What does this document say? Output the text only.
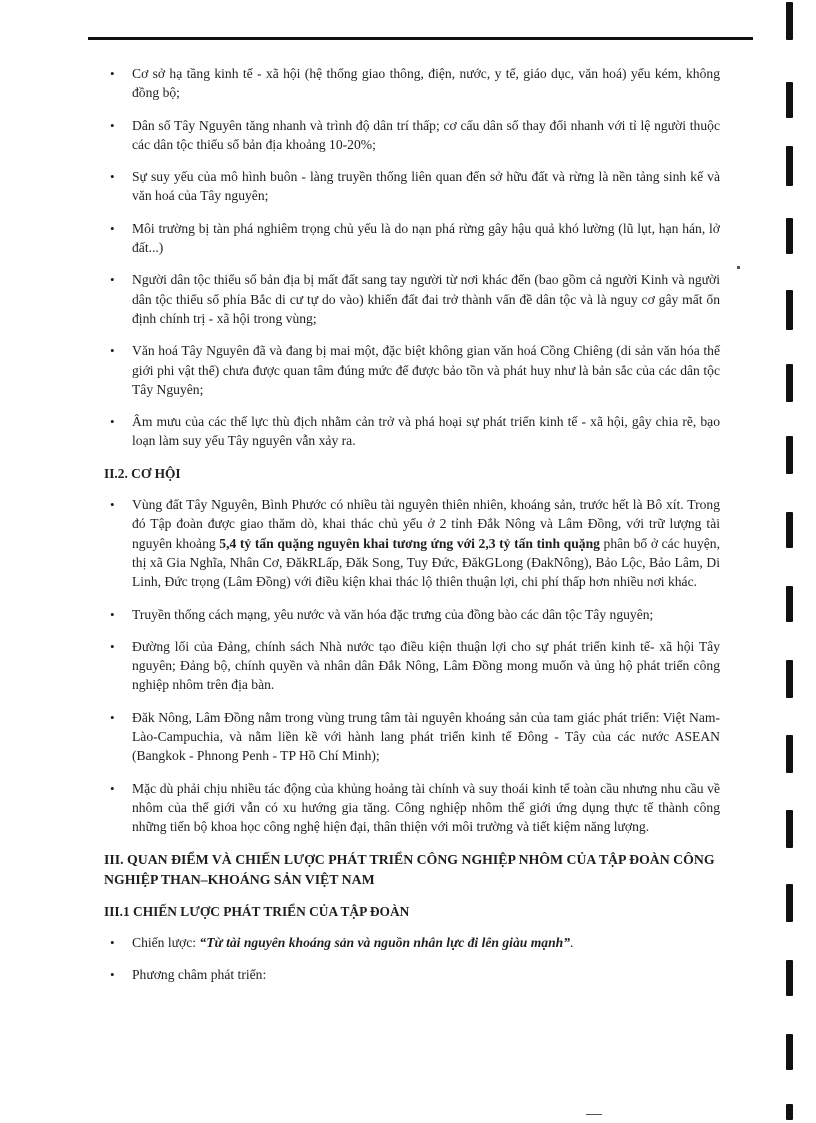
• Cơ sở hạ tầng kinh tế - xã hội (hệ thống giao thông, điện, nước, y tế, giáo dục, văn hoá) yếu kém, không đồng bộ;
• Dân số Tây Nguyên tăng nhanh và trình độ dân trí thấp; cơ cấu dân số thay đổi nhanh với tỉ lệ người thuộc các dân tộc thiểu số bản địa khoảng 10-20%;
• Sự suy yếu của mô hình buôn - làng truyền thống liên quan đến sở hữu đất và rừng là nền tảng sinh kế và văn hoá của Tây nguyên;
• Môi trường bị tàn phá nghiêm trọng chủ yếu là do nạn phá rừng gây hậu quả khó lường (lũ lụt, hạn hán, lở đất...)
• Người dân tộc thiểu số bản địa bị mất đất sang tay người từ nơi khác đến (bao gồm cả người Kinh và người dân tộc thiểu số phía Bắc di cư tự do vào) khiến đất đai trở thành vấn đề dân tộc và là nguy cơ gây mất ổn định chính trị - xã hội trong vùng;
• Văn hoá Tây Nguyên đã và đang bị mai một, đặc biệt không gian văn hoá Cồng Chiêng (di sản văn hóa thế giới phi vật thể) chưa được quan tâm đúng mức để được bảo tồn và phát huy như là bản sắc của các dân tộc Tây Nguyên;
• Âm mưu của các thế lực thù địch nhằm cản trở và phá hoại sự phát triển kinh tế - xã hội, gây chia rẽ, bạo loạn làm suy yếu Tây nguyên vẫn xảy ra.
II.2. CƠ HỘI
• Vùng đất Tây Nguyên, Bình Phước có nhiều tài nguyên thiên nhiên, khoáng sản, trước hết là Bô xít. Trong đó Tập đoàn được giao thăm dò, khai thác chủ yếu ở 2 tỉnh Đắk Nông và Lâm Đồng, với trữ lượng tài nguyên khoảng 5,4 tỷ tấn quặng nguyên khai tương ứng với 2,3 tỷ tấn tinh quặng phân bố ở các huyện, thị xã Gia Nghĩa, Nhân Cơ, ĐăkRLấp, Đăk Song, Tuy Đức, ĐăkGLong (ĐakNông), Bảo Lộc, Bảo Lâm, Di Linh, Đức trọng (Lâm Đồng) với điều kiện khai thác lộ thiên thuận lợi, chi phí thấp hơn nhiều nơi khác.
• Truyền thống cách mạng, yêu nước và văn hóa đặc trưng của đồng bào các dân tộc Tây nguyên;
• Đường lối của Đảng, chính sách Nhà nước tạo điều kiện thuận lợi cho sự phát triển kinh tế- xã hội Tây nguyên; Đảng bộ, chính quyền và nhân dân Đắk Nông, Lâm Đồng mong muốn và ủng hộ phát triển công nghiệp nhôm trên địa bàn.
• Đăk Nông, Lâm Đồng nằm trong vùng trung tâm tài nguyên khoáng sản của tam giác phát triển: Việt Nam-Lào-Campuchia, và nằm liền kề với hành lang phát triển kinh tế Đông - Tây của các nước ASEAN (Bangkok - Phnong Penh - TP Hồ Chí Minh);
• Mặc dù phải chịu nhiều tác động của khủng hoảng tài chính và suy thoái kinh tế toàn cầu nhưng nhu cầu về nhôm của thế giới vẫn có xu hướng gia tăng. Công nghiệp nhôm thế giới ứng dụng thực tế thành công những tiến bộ khoa học công nghệ hiện đại, thân thiện với môi trường và tiết kiệm năng lượng.
III. QUAN ĐIỂM VÀ CHIẾN LƯỢC PHÁT TRIỂN CÔNG NGHIỆP NHÔM CỦA TẬP ĐOÀN CÔNG NGHIỆP THAN–KHOÁNG SẢN VIỆT NAM
III.1 CHIẾN LƯỢC PHÁT TRIỂN CỦA TẬP ĐOÀN
• Chiến lược: “Từ tài nguyên khoáng sản và nguồn nhân lực đi lên giàu mạnh”.
• Phương châm phát triển:
